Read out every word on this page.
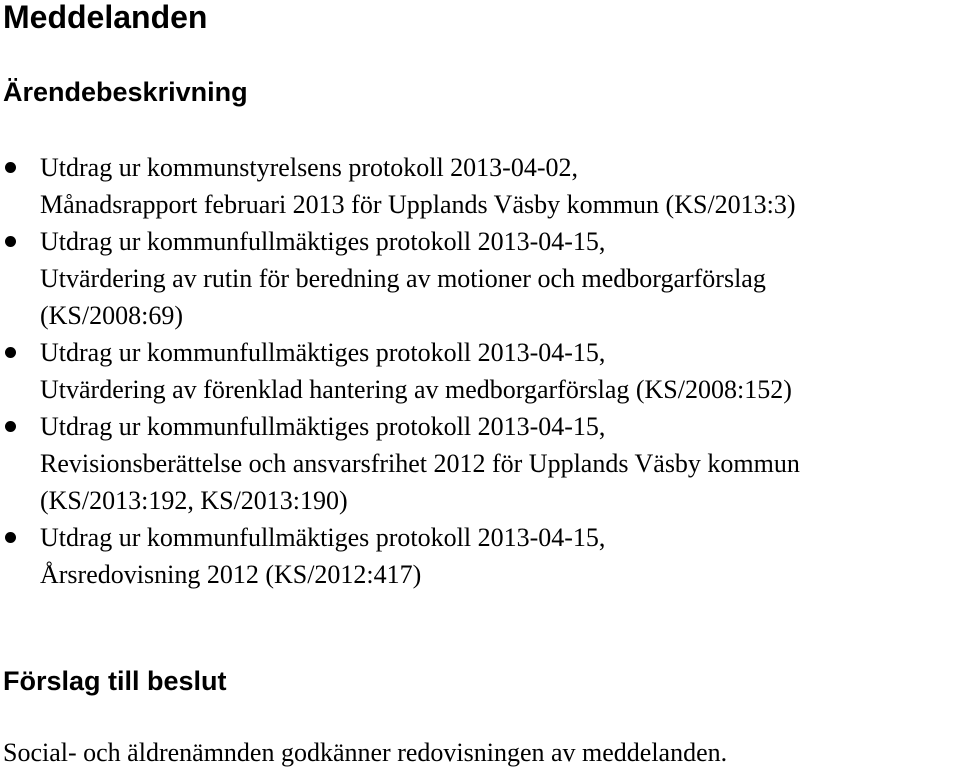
Meddelanden
Ärendebeskrivning
Utdrag ur kommunstyrelsens protokoll 2013-04-02,
Månadsrapport februari 2013 för Upplands Väsby kommun (KS/2013:3)
Utdrag ur kommunfullmäktiges protokoll 2013-04-15,
Utvärdering av rutin för beredning av motioner och medborgarförslag
(KS/2008:69)
Utdrag ur kommunfullmäktiges protokoll 2013-04-15,
Utvärdering av förenklad hantering av medborgarförslag (KS/2008:152)
Utdrag ur kommunfullmäktiges protokoll 2013-04-15,
Revisionsberättelse och ansvarsfrihet 2012 för Upplands Väsby kommun
(KS/2013:192, KS/2013:190)
Utdrag ur kommunfullmäktiges protokoll 2013-04-15,
Årsredovisning 2012 (KS/2012:417)
Förslag till beslut

Social- och äldrenämnden godkänner redovisningen av meddelanden.
